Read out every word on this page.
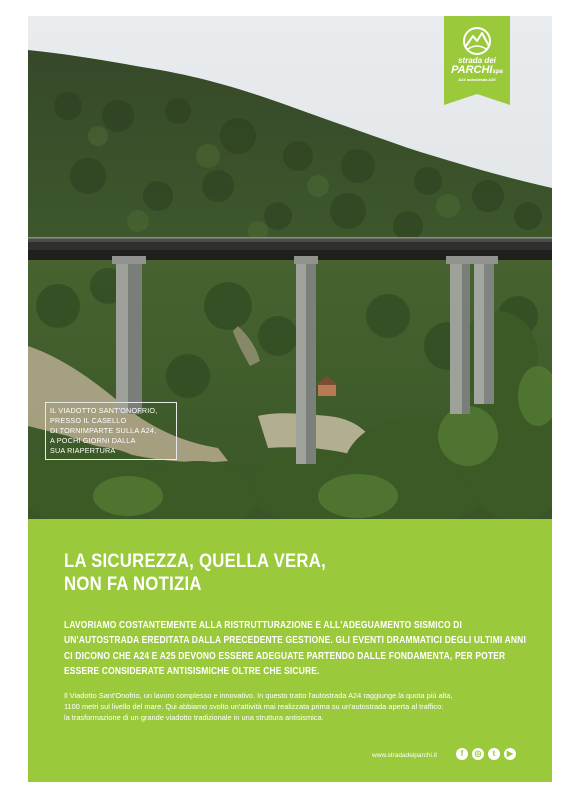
IL VIADOTTO SANT'ONOFRIO,
PRESSO IL CASELLO
DI TORNIMPARTE SULLA A24,
A POCHI GIORNI DALLA
SUA RIAPERTURA
strada dei
PARCHIspa
A24 autostrada A25
LA SICUREZZA, QUELLA VERA,
NON FA NOTIZIA
LAVORIAMO COSTANTEMENTE ALLA RISTRUTTURAZIONE E ALL'ADEGUAMENTO SISMICO DI
UN'AUTOSTRADA EREDITATA DALLA PRECEDENTE GESTIONE. GLI EVENTI DRAMMATICI DEGLI ULTIMI ANNI
CI DICONO CHE A24 E A25 DEVONO ESSERE ADEGUATE PARTENDO DALLE FONDAMENTA, PER POTER
ESSERE CONSIDERATE ANTISISMICHE OLTRE CHE SICURE.
Il Viadotto Sant'Onofrio, un lavoro complesso e innovativo. In questo tratto l'autostrada A24 raggiunge la quota più alta,
1100 metri sul livello del mare. Qui abbiamo svolto un'attività mai realizzata prima su un'autostrada aperta al traffico:
la trasformazione di un grande viadotto tradizionale in una struttura antisismica.
www.stradadeiparchi.it	f	◎	t	▶
